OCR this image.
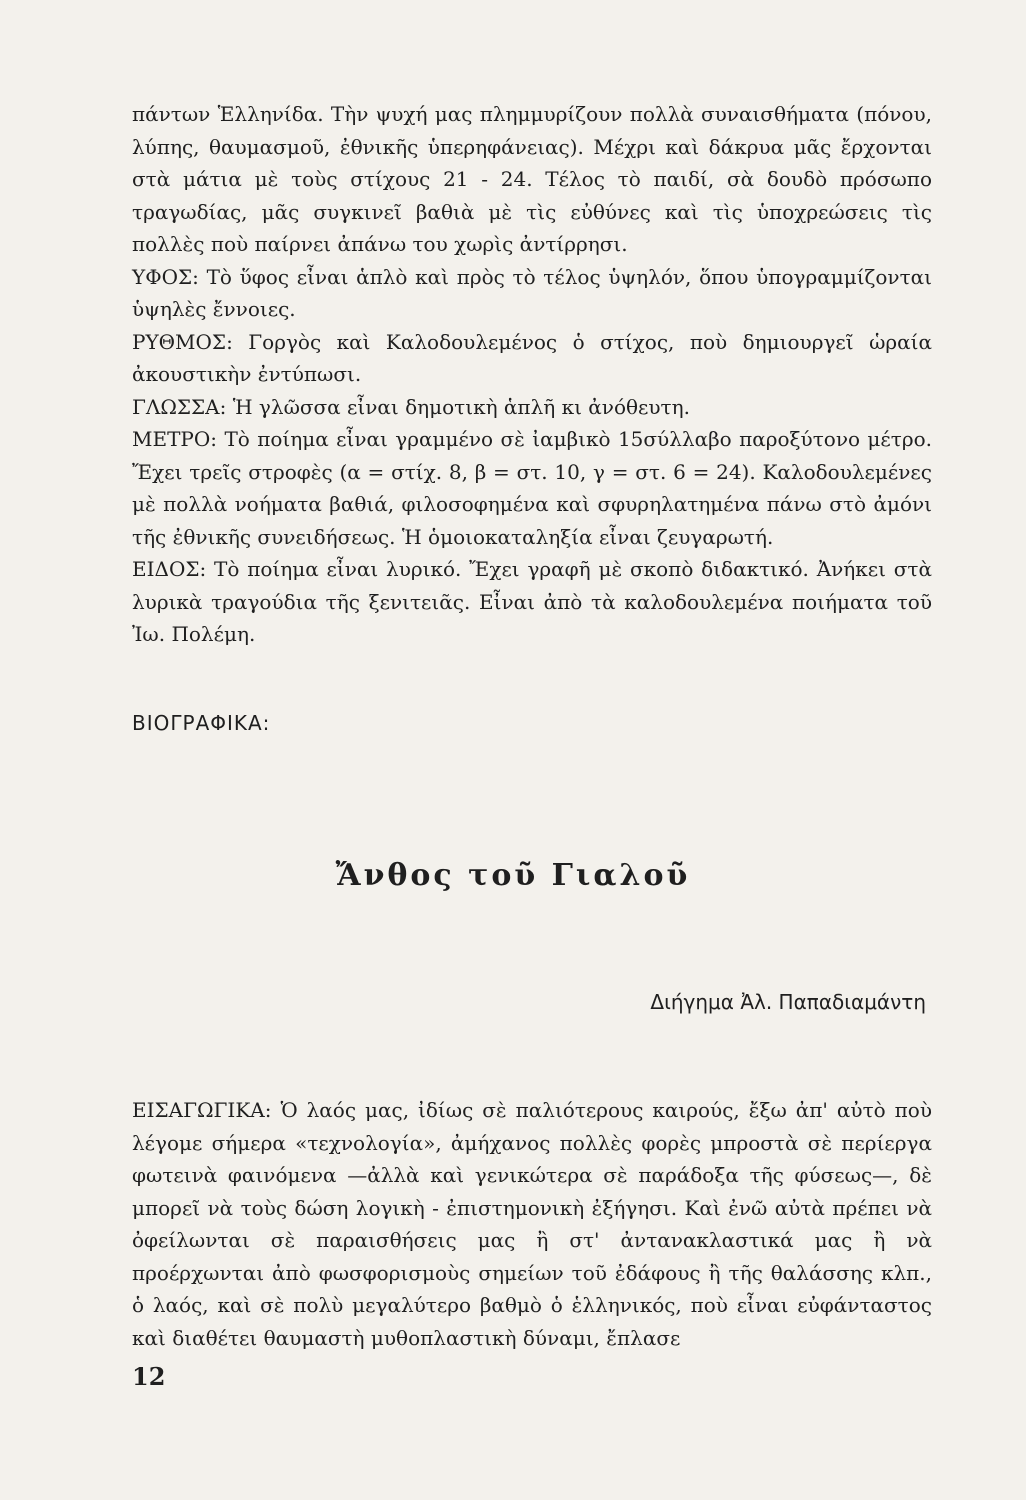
πάντων Ἑλληνίδα. Τὴν ψυχή μας πλημμυρίζουν πολλὰ συναισθήματα (πόνου, λύπης, θαυμασμοῦ, ἐθνικῆς ὑπερηφάνειας). Μέχρι καὶ δάκρυα μᾶς ἔρχονται στὰ μάτια μὲ τοὺς στίχους 21 - 24. Τέλος τὸ παιδί, σὰ δουδὸ πρόσωπο τραγωδίας, μᾶς συγκινεῖ βαθιὰ μὲ τὶς εὐθύνες καὶ τὶς ὑποχρεώσεις τὶς πολλὲς ποὺ παίρνει ἀπάνω του χωρὶς ἀντίρρησι.

ΥΦΟΣ: Τὸ ὕφος εἶναι ἁπλὸ καὶ πρὸς τὸ τέλος ὑψηλόν, ὅπου ὑπογραμμίζονται ὑψηλὲς ἔννοιες.

ΡΥΘΜΟΣ: Γοργὸς καὶ Καλοδουλεμένος ὁ στίχος, ποὺ δημιουργεῖ ὡραία ἀκουστικὴν ἐντύπωσι.

ΓΛΩΣΣΑ: Ἡ γλῶσσα εἶναι δημοτικὴ ἁπλῆ κι ἀνόθευτη.

ΜΕΤΡΟ: Τὸ ποίημα εἶναι γραμμένο σὲ ἰαμβικὸ 15σύλλαβο παροξύτονο μέτρο. Ἔχει τρεῖς στροφὲς (α = στίχ. 8, β = στ. 10, γ = στ. 6 = 24). Καλοδουλεμένες μὲ πολλὰ νοήματα βαθιά, φιλοσοφημένα καὶ σφυρηλατημένα πάνω στὸ ἀμόνι τῆς ἐθνικῆς συνειδήσεως. Ἡ ὁμοιοκαταληξία εἶναι ζευγαρωτή.

ΕΙΔΟΣ: Τὸ ποίημα εἶναι λυρικό. Ἔχει γραφῆ μὲ σκοπὸ διδακτικό. Ἀνήκει στὰ λυρικὰ τραγούδια τῆς ξενιτειᾶς. Εἶναι ἀπὸ τὰ καλοδουλεμένα ποιήματα τοῦ Ἰω. Πολέμη.

ΒΙΟΓΡΑΦΙΚΑ:
Ἄνθος τοῦ Γιαλοῦ
Διήγημα Ἀλ. Παπαδιαμάντη

ΕΙΣΑΓΩΓΙΚΑ: Ὁ λαός μας, ἰδίως σὲ παλιότερους καιρούς, ἔξω ἀπ' αὐτὸ ποὺ λέγομε σήμερα «τεχνολογία», ἀμήχανος πολλὲς φορὲς μπροστὰ σὲ περίεργα φωτεινὰ φαινόμενα —ἀλλὰ καὶ γενικώτερα σὲ παράδοξα τῆς φύσεως—, δὲ μπορεῖ νὰ τοὺς δώση λογικὴ - ἐπιστημονικὴ ἐξήγησι. Καὶ ἐνῶ αὐτὰ πρέπει νὰ ὀφείλωνται σὲ παραισθήσεις μας ἢ στ' ἀντανακλαστικά μας ἢ νὰ προέρχωνται ἀπὸ φωσφορισμοὺς σημείων τοῦ ἐδάφους ἢ τῆς θαλάσσης κλπ., ὁ λαός, καὶ σὲ πολὺ μεγαλύτερο βαθμὸ ὁ ἑλληνικός, ποὺ εἶναι εὐφάνταστος καὶ διαθέτει θαυμαστὴ μυθοπλαστικὴ δύναμι, ἔπλασε

12
